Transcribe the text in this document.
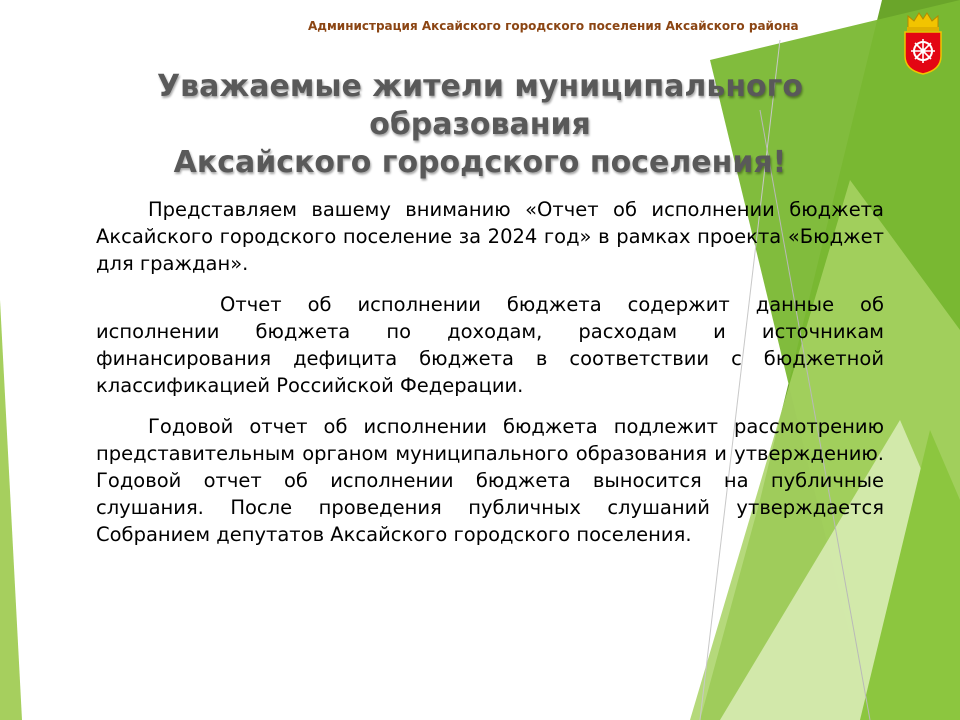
Администрация Аксайского городского поселения Аксайского района
Уважаемые жители муниципального образования
Аксайского городского поселения!

Представляем вашему вниманию «Отчет об исполнении бюджета Аксайского городского поселение за 2024 год» в рамках проекта «Бюджет для граждан».

Отчет об исполнении бюджета содержит данные об исполнении бюджета по доходам, расходам и источникам финансирования дефицита бюджета в соответствии с бюджетной классификацией Российской Федерации.

Годовой отчет об исполнении бюджета подлежит рассмотрению представительным органом муниципального образования и утверждению. Годовой отчет об исполнении бюджета выносится на публичные слушания. После проведения публичных слушаний утверждается Собранием депутатов Аксайского городского поселения.
